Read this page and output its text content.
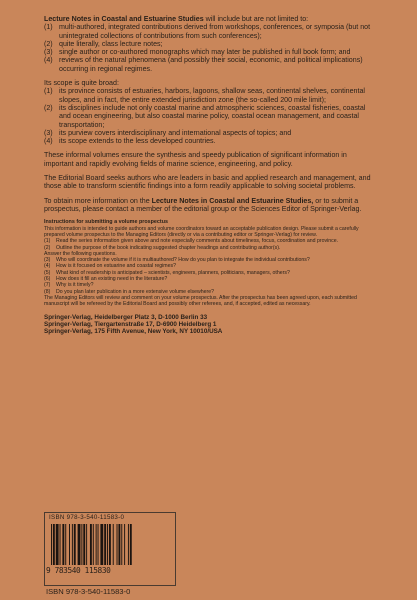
Lecture Notes in Coastal and Estuarine Studies will include but are not limited to:

(1) multi-authored, integrated contributions derived from workshops, conferences, or symposia (but not unintegrated collections of contributions from such conferences);
(2) quite literally, class lecture notes;
(3) single author or co-authored monographs which may later be published in full book form; and
(4) reviews of the natural phenomena (and possibly their social, economic, and political implications) occurring in regional regimes.

Its scope is quite broad:

(1) its province consists of estuaries, harbors, lagoons, shallow seas, continental shelves, continental slopes, and in fact, the entire extended jurisdiction zone (the so-called 200 mile limit);
(2) its disciplines include not only coastal marine and atmospheric sciences, coastal fisheries, coastal and ocean engineering, but also coastal marine policy, coastal ocean management, and coastal transportation;
(3) its purview covers interdisciplinary and international aspects of topics; and
(4) its scope extends to the less developed countries.

These informal volumes ensure the synthesis and speedy publication of significant information in important and rapidly evolving fields of marine science, engineering, and policy.

The Editorial Board seeks authors who are leaders in basic and applied research and management, and those able to transform scientific findings into a form readily applicable to solving societal problems.

To obtain more information on the Lecture Notes in Coastal and Estuarine Studies, or to submit a prospectus, please contact a member of the editorial group or the Sciences Editor of Springer-Verlag.

Instructions for submitting a volume prospectus

This information is intended to guide authors and volume coordinators toward an acceptable publication design. Please submit a carefully prepared volume prospectus to the Managing Editors (directly or via a contributing editor or Springer-Verlag) for review.

(1)	Read the series information given above and note especially comments about timeliness, focus, coordination and province.
(2)	Outline the purpose of the book indicating suggested chapter headings and contributing author(s).

Answer the following questions.

(3)	Who will coordinate the volume if it is multiauthored? How do you plan to integrate the individual contributions?
(4)	How is it focused on estuarine and coastal regimes?
(5)	What kind of readership is anticipated – scientists, engineers, planners, politicians, managers, others?
(6)	How does it fill an existing need in the literature?
(7)	Why is it timely?
(8)	Do you plan later publication in a more extensive volume elsewhere?

The Managing Editors will review and comment on your volume prospectus. After the prospectus has been agreed upon, each submitted manuscript will be refereed by the Editorial Board and possibly other referees, and, if accepted, edited as necessary.

Springer-Verlag, Heidelberger Platz 3, D-1000 Berlin 33

Springer-Verlag, Tiergartenstraße 17, D-6900 Heidelberg 1

Springer-Verlag, 175 Fifth Avenue, New York, NY 10010/USA

ISBN 978-3-540-11583-0
9 783540 115830
ISBN 978-3-540-11583-0
